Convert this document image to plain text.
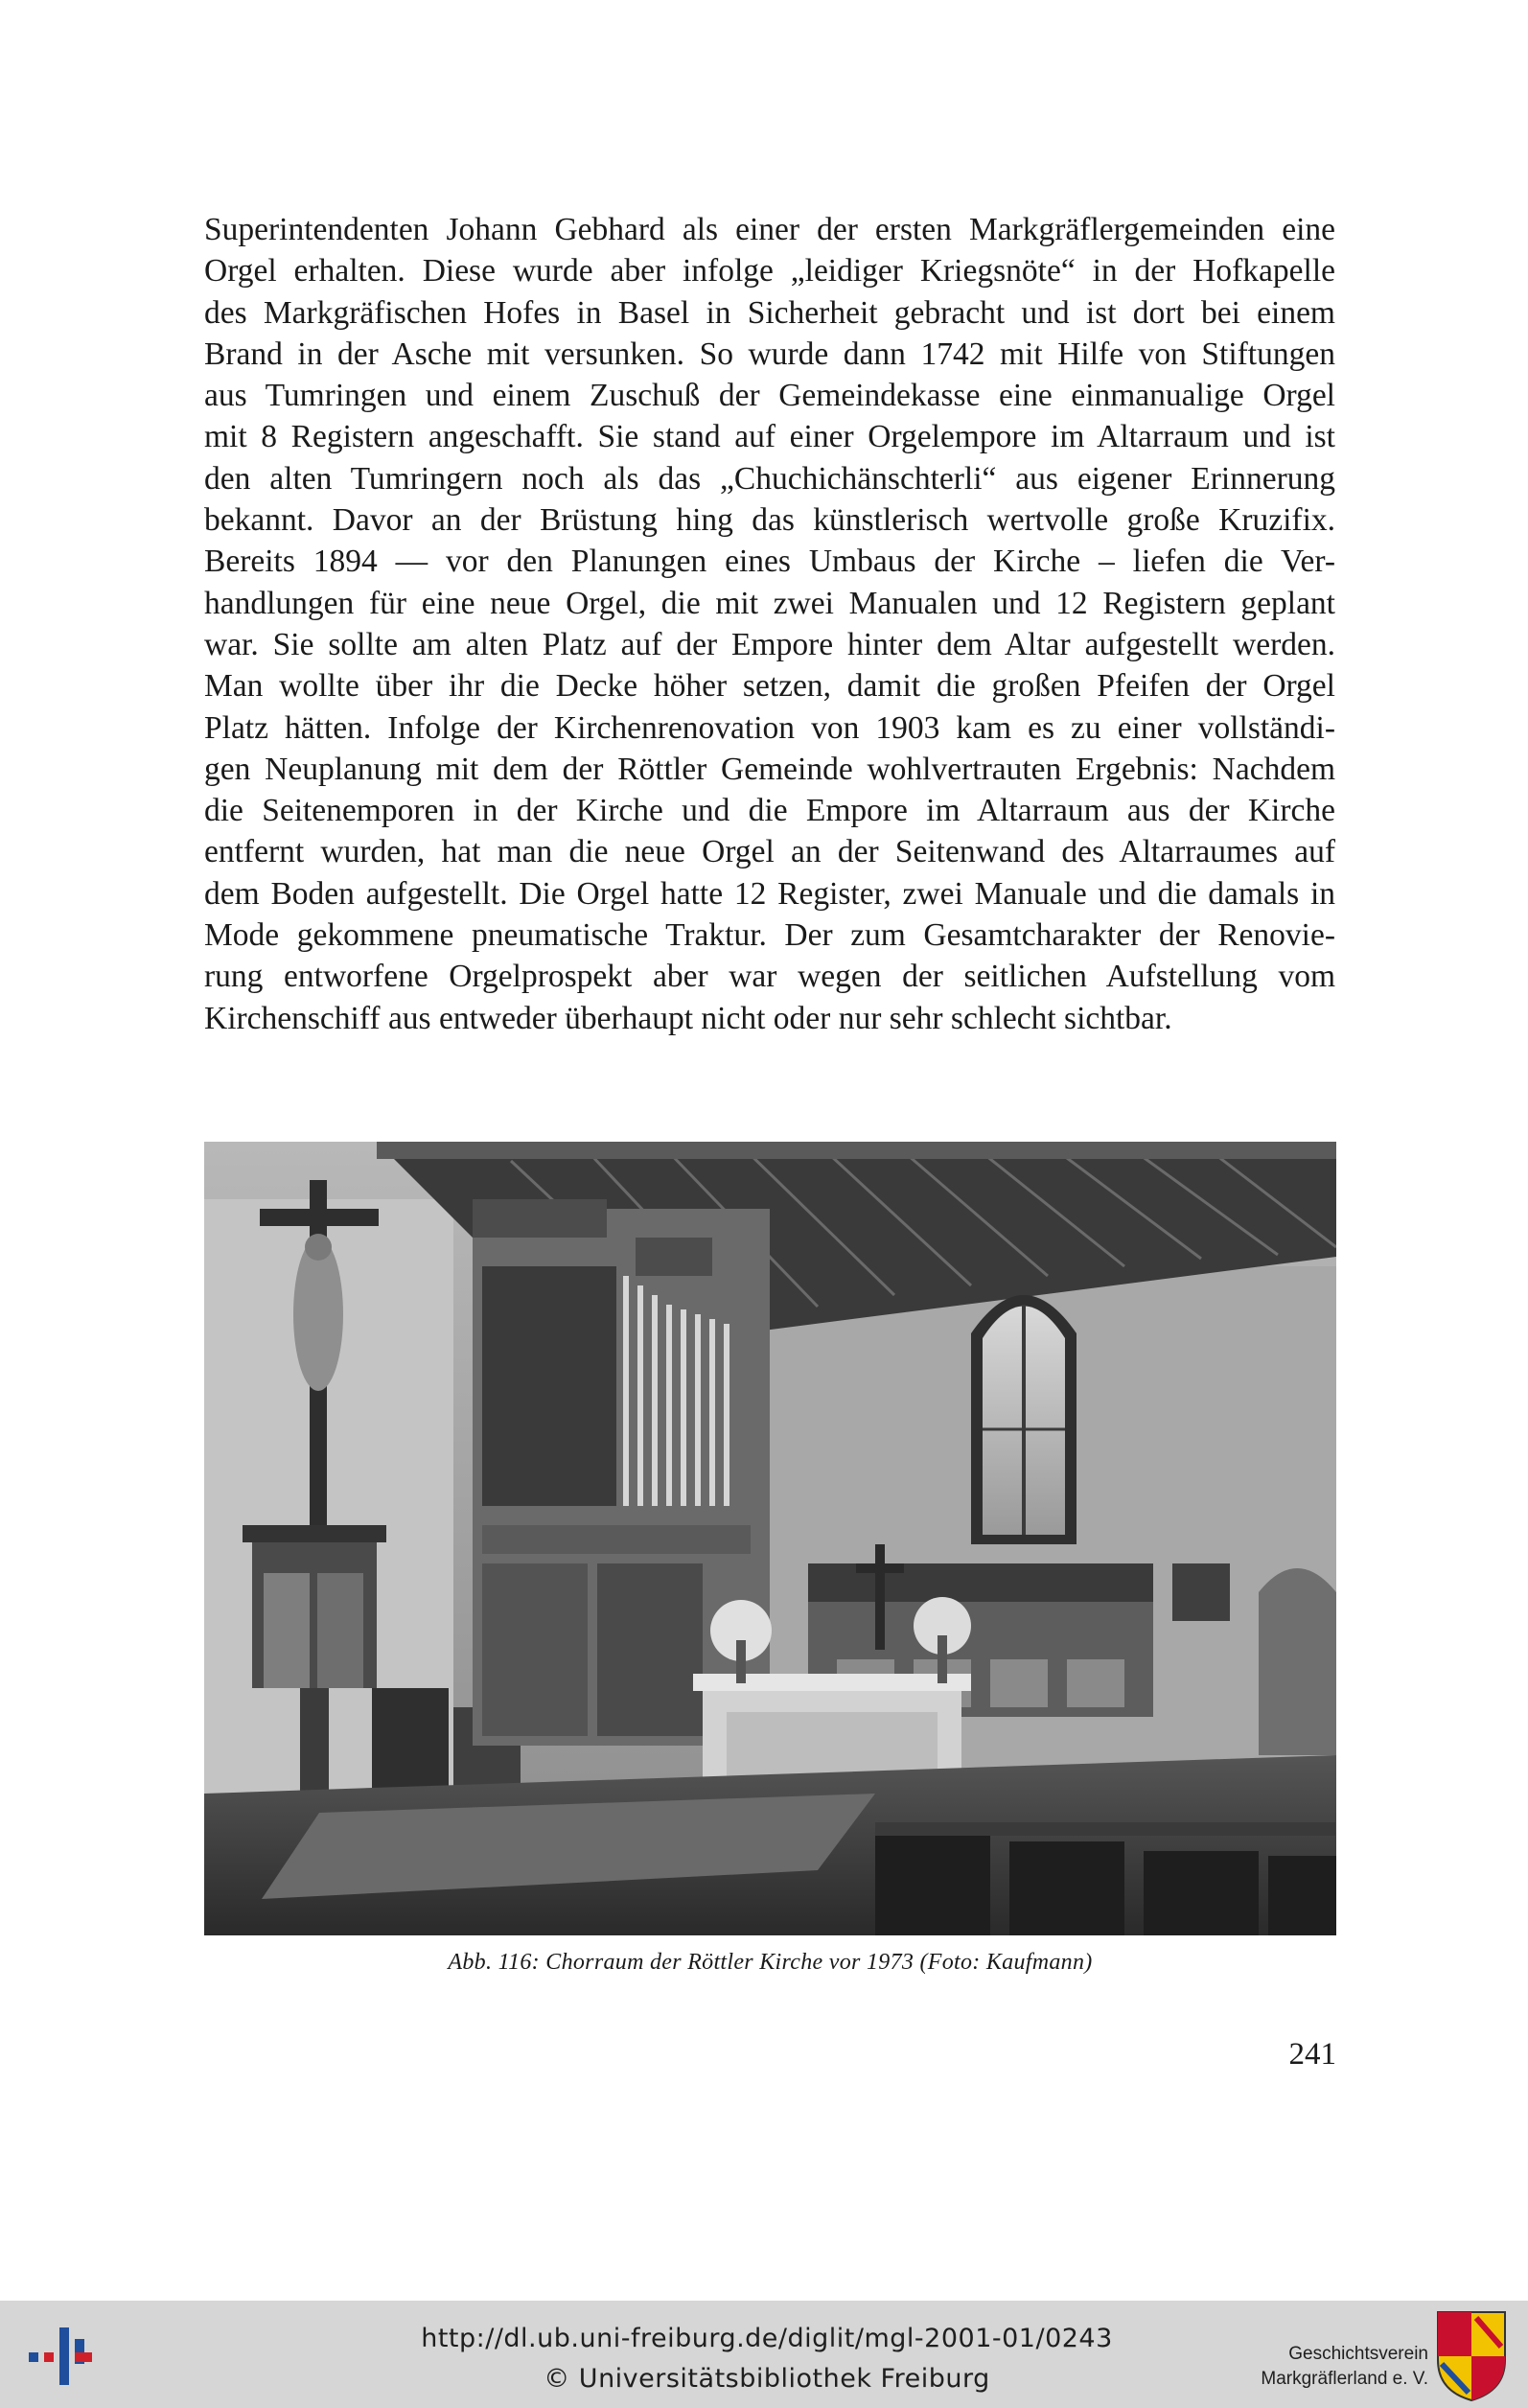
Superintendenten Johann Gebhard als einer der ersten Markgräflergemeinden eine
Orgel erhalten. Diese wurde aber infolge „leidiger Kriegsnöte“ in der Hofkapelle
des Markgräfischen Hofes in Basel in Sicherheit gebracht und ist dort bei einem
Brand in der Asche mit versunken. So wurde dann 1742 mit Hilfe von Stiftungen
aus Tumringen und einem Zuschuß der Gemeindekasse eine einmanualige Orgel
mit 8 Registern angeschafft. Sie stand auf einer Orgelempore im Altarraum und ist
den alten Tumringern noch als das „Chuchichänschterli“ aus eigener Erinnerung
bekannt. Davor an der Brüstung hing das künstlerisch wertvolle große Kruzifix.
Bereits 1894 — vor den Planungen eines Umbaus der Kirche – liefen die Ver-
handlungen für eine neue Orgel, die mit zwei Manualen und 12 Registern geplant
war. Sie sollte am alten Platz auf der Empore hinter dem Altar aufgestellt werden.
Man wollte über ihr die Decke höher setzen, damit die großen Pfeifen der Orgel
Platz hätten. Infolge der Kirchenrenovation von 1903 kam es zu einer vollständi-
gen Neuplanung mit dem der Röttler Gemeinde wohlvertrauten Ergebnis: Nachdem
die Seitenemporen in der Kirche und die Empore im Altarraum aus der Kirche
entfernt wurden, hat man die neue Orgel an der Seitenwand des Altarraumes auf
dem Boden aufgestellt. Die Orgel hatte 12 Register, zwei Manuale und die damals in
Mode gekommene pneumatische Traktur. Der zum Gesamtcharakter der Renovie-
rung entworfene Orgelprospekt aber war wegen der seitlichen Aufstellung vom
Kirchenschiff aus entweder überhaupt nicht oder nur sehr schlecht sichtbar.
Abb. 116: Chorraum der Röttler Kirche vor 1973 (Foto: Kaufmann)
241
http://dl.ub.uni-freiburg.de/diglit/mgl-2001-01/0243
© Universitätsbibliothek Freiburg
Geschichtsverein
Markgräflerland e. V.
